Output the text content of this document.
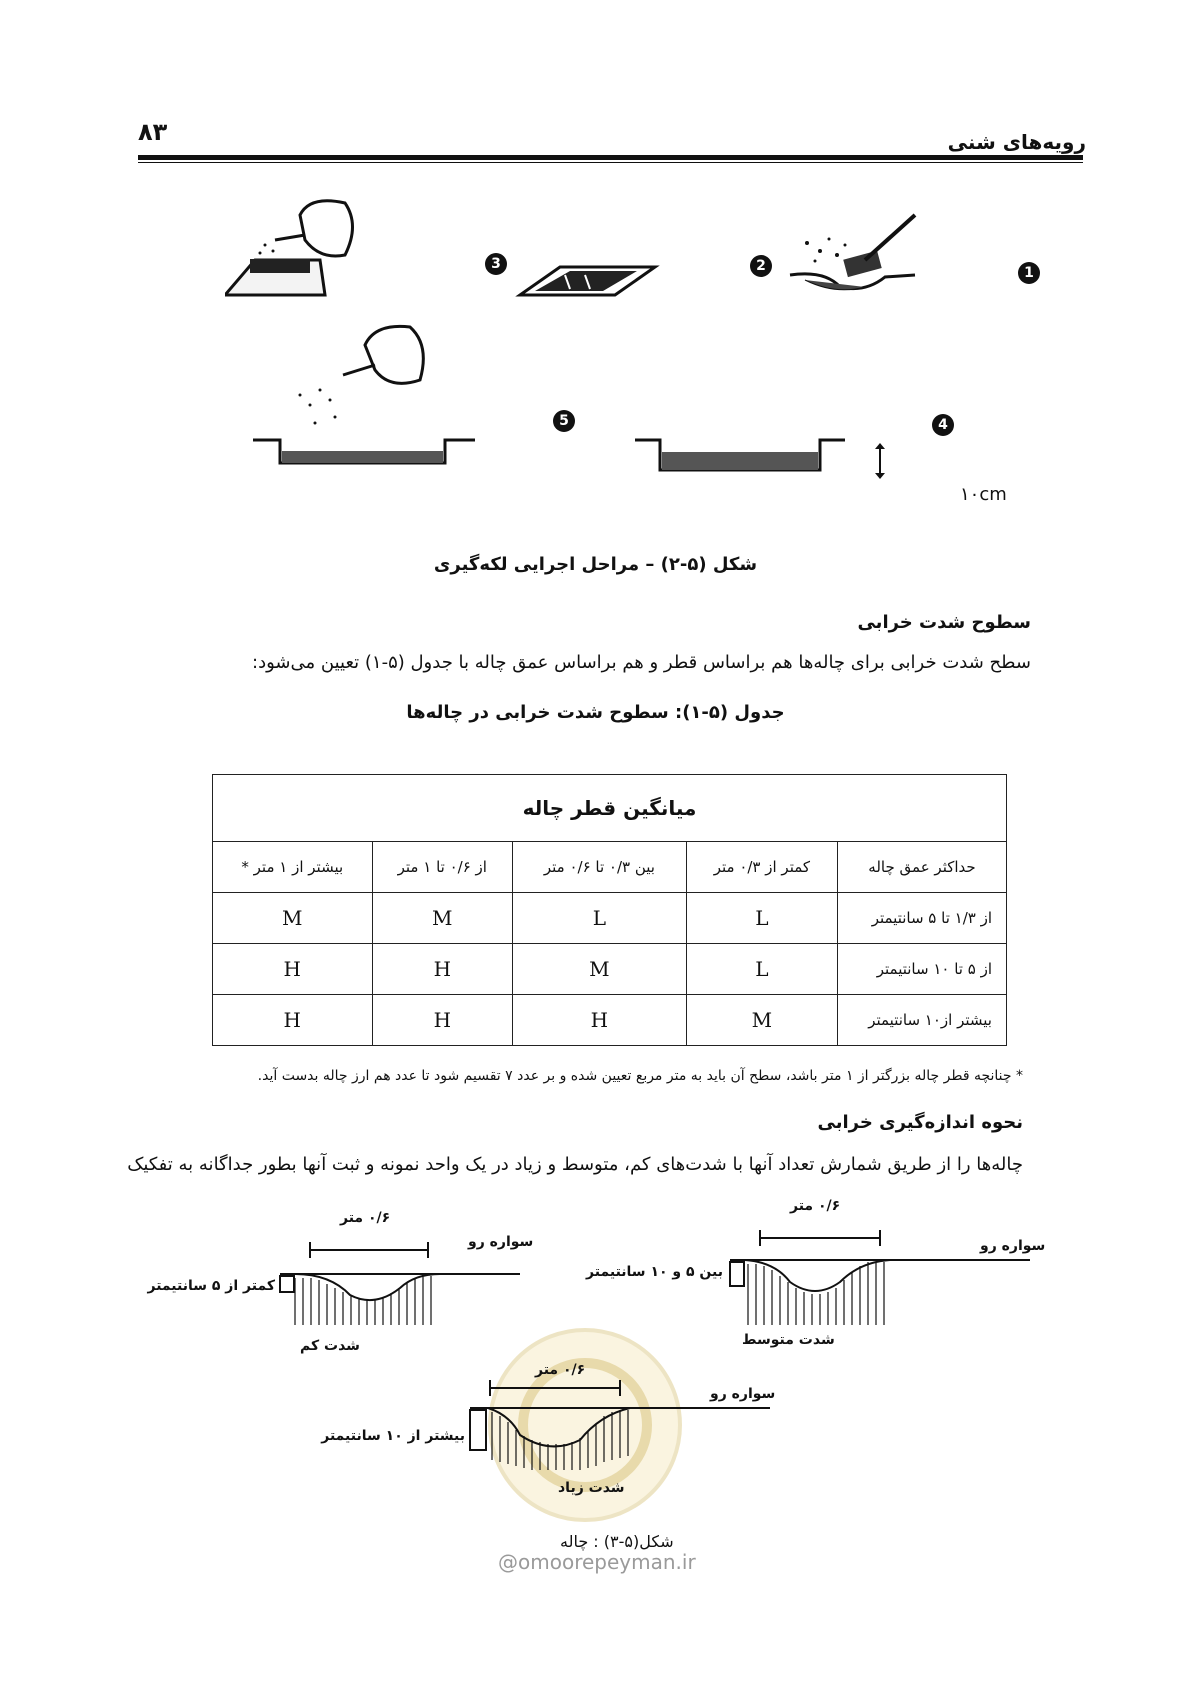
۸۳	رویه‌های شنی
1
2
3
4
5
۱۰cm
شکل (۵-۲) – مراحل اجرایی لکه‌گیری
سطوح شدت خرابی
سطح شدت خرابی برای چاله‌ها هم براساس قطر و هم براساس عمق چاله با جدول (۵-۱) تعیین می‌شود:
جدول (۵-۱): سطوح شدت خرابی در چاله‌ها
میانگین قطر چاله				
حداکثر عمق چاله	کمتر از ۰/۳ متر	بین ۰/۳ تا ۰/۶ متر	از ۰/۶ تا ۱ متر	بیشتر از ۱ متر *
از ۱/۳ تا ۵ سانتیمتر	L	L	M	M
از ۵ تا ۱۰ سانتیمتر	L	M	H	H
بیشتر از۱۰ سانتیمتر	M	H	H	H
* چنانچه قطر چاله بزرگتر از ۱ متر باشد، سطح آن باید به متر مربع تعیین شده و بر عدد ۷ تقسیم شود تا عدد هم ارز چاله بدست آید.
نحوه اندازه‌گیری خرابی
چاله‌ها را از طریق شمارش تعداد آنها با شدت‌های کم، متوسط و زیاد در یک واحد نمونه و ثبت آنها بطور جداگانه به تفکیک
۰/۶ متر
سواره رو
کمتر از ۵ سانتیمتر
شدت کم
۰/۶ متر
سواره رو
بین ۵ و ۱۰ سانتیمتر
شدت متوسط
۰/۶ متر
سواره رو
بیشتر از ۱۰ سانتیمتر
شدت زیاد
شکل(۵-۳) : چاله
@omoorepeyman.ir
